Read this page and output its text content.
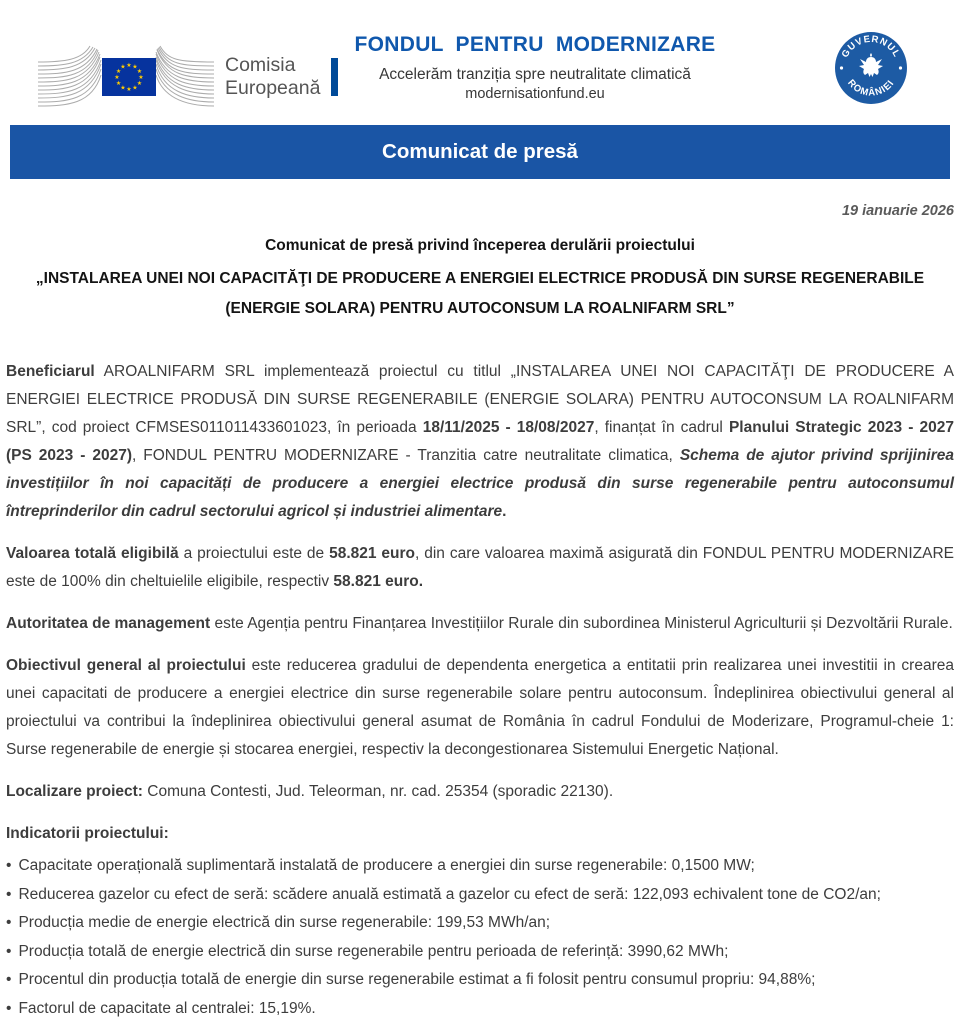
★ ★
★
★
★
★
★
★
★
★
★
★	Comisia
Europeană
FONDUL PENTRU MODERNIZARE
Accelerăm tranziția spre neutralitate climatică
modernisationfund.eu
GUVERNUL
ROMÂNIEI
Comunicat de presă
19 ianuarie 2026
Comunicat de presă privind începerea derulării proiectului
„INSTALAREA UNEI NOI CAPACITĂŢI DE PRODUCERE A ENERGIEI ELECTRICE PRODUSĂ DIN SURSE REGENERABILE (ENERGIE SOLARA) PENTRU AUTOCONSUM LA ROALNIFARM SRL”

Beneficiarul AROALNIFARM SRL implementează proiectul cu titlul „INSTALAREA UNEI NOI CAPACITĂŢI DE PRODUCERE A ENERGIEI ELECTRICE PRODUSĂ DIN SURSE REGENERABILE (ENERGIE SOLARA) PENTRU AUTOCONSUM LA ROALNIFARM SRL”, cod proiect CFMSES011011433601023, în perioada 18/11/2025 - 18/08/2027, finanțat în cadrul Planului Strategic 2023 - 2027 (PS 2023 - 2027), FONDUL PENTRU MODERNIZARE - Tranzitia catre neutralitate climatica, Schema de ajutor privind sprijinirea investițiilor în noi capacități de producere a energiei electrice produsă din surse regenerabile pentru autoconsumul întreprinderilor din cadrul sectorului agricol și industriei alimentare.

Valoarea totală eligibilă a proiectului este de 58.821 euro, din care valoarea maximă asigurată din FONDUL PENTRU MODERNIZARE este de 100% din cheltuielile eligibile, respectiv 58.821 euro.

Autoritatea de management este Agenția pentru Finanțarea Investițiilor Rurale din subordinea Ministerul Agriculturii și Dezvoltării Rurale.

Obiectivul general al proiectului este reducerea gradului de dependenta energetica a entitatii prin realizarea unei investitii in crearea unei capacitati de producere a energiei electrice din surse regenerabile solare pentru autoconsum. Îndeplinirea obiectivului general al proiectului va contribui la îndeplinirea obiectivului general asumat de România în cadrul Fondului de Moderizare, Programul-cheie 1: Surse regenerabile de energie și stocarea energiei, respectiv la decongestionarea Sistemului Energetic Național.

Localizare proiect: Comuna Contesti, Jud. Teleorman, nr. cad. 25354 (sporadic 22130).

Indicatorii proiectului:
• Capacitate operațională suplimentară instalată de producere a energiei din surse regenerabile: 0,1500 MW;
• Reducerea gazelor cu efect de seră: scădere anuală estimată a gazelor cu efect de seră: 122,093 echivalent tone de CO2/an;
• Producția medie de energie electrică din surse regenerabile: 199,53 MWh/an;
• Producția totală de energie electrică din surse regenerabile pentru perioada de referință: 3990,62 MWh;
• Procentul din producția totală de energie din surse regenerabile estimat a fi folosit pentru consumul propriu: 94,88%;
• Factorul de capacitate al centralei: 15,19%.
